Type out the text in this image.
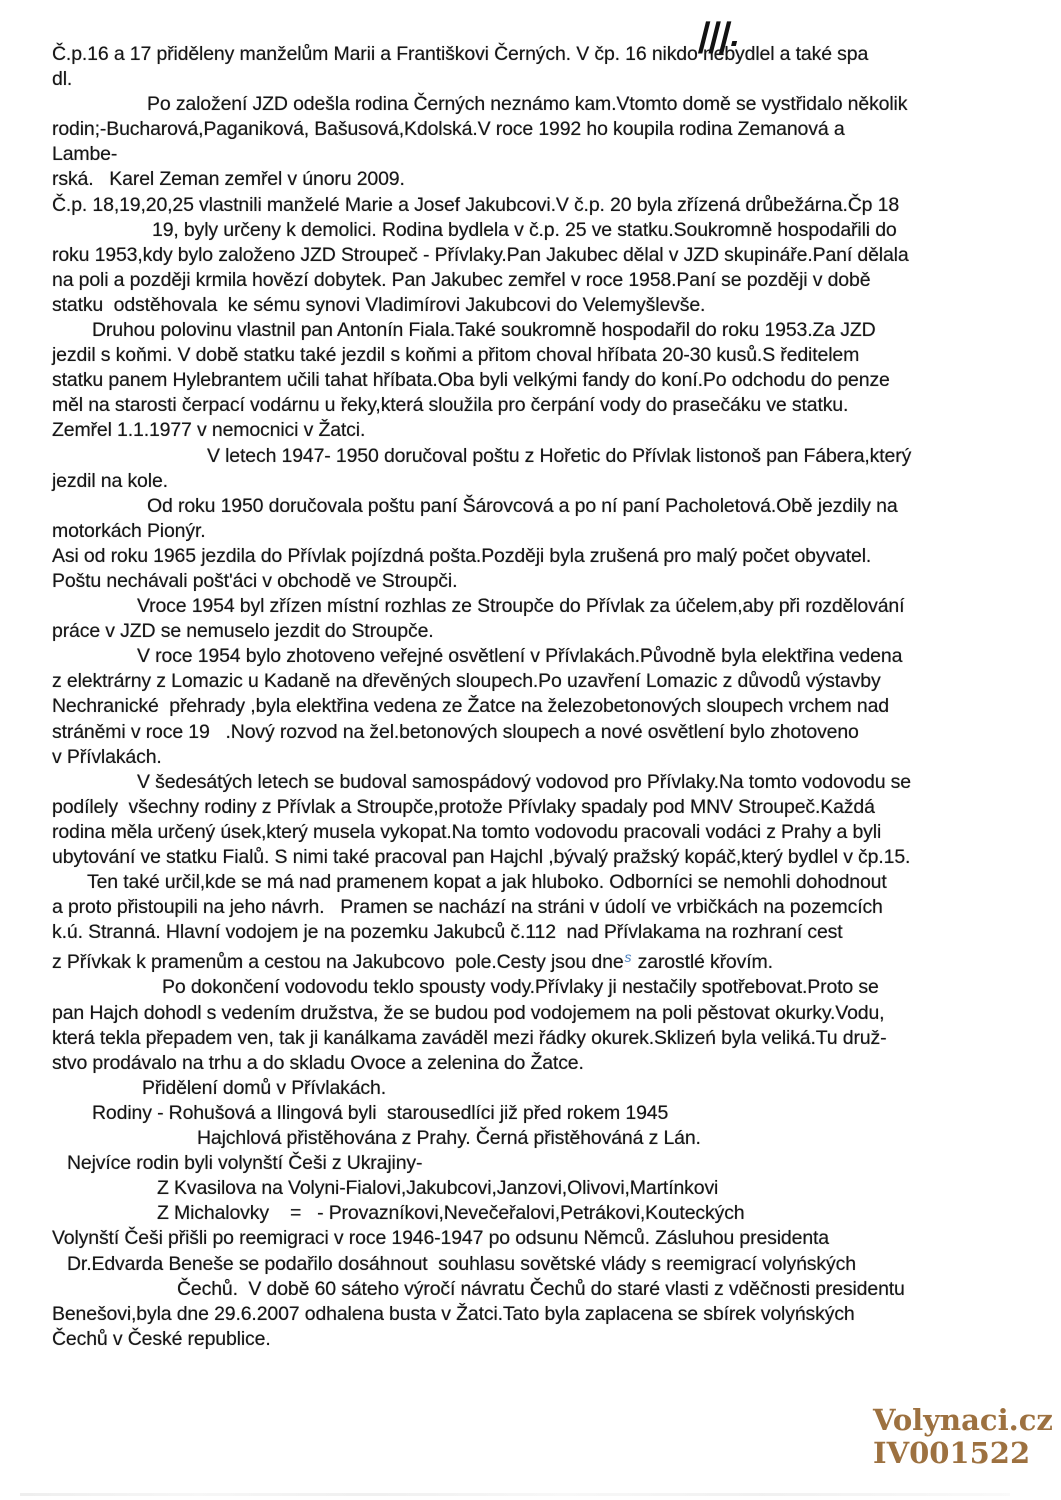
|||.
Č.p.16 a 17 přiděleny manželům Marii a Františkovi Černých. V čp. 16 nikdo nebydlel a také spa
dl.
Po založení JZD odešla rodina Černých neznámo kam.Vtomto domě se vystřidalo několik
rodin;-Bucharová,Paganiková, Bašusová,Kdolská.V roce 1992 ho koupila rodina Zemanová a
Lambe-
rská.   Karel Zeman zemřel v únoru 2009.
Č.p. 18,19,20,25 vlastnili manželé Marie a Josef Jakubcovi.V č.p. 20 byla zřízená drůbežárna.Čp 18
19, byly určeny k demolici. Rodina bydlela v č.p. 25 ve statku.Soukromně hospodařili do
roku 1953,kdy bylo založeno JZD Stroupeč - Přívlaky.Pan Jakubec dělal v JZD skupináře.Paní dělala
na poli a později krmila hovězí dobytek. Pan Jakubec zemřel v roce 1958.Paní se později v době
statku  odstěhovala  ke sému synovi Vladimírovi Jakubcovi do Velemyšlevše.
Druhou polovinu vlastnil pan Antonín Fiala.Také soukromně hospodařil do roku 1953.Za JZD
jezdil s koňmi. V době statku také jezdil s koňmi a přitom choval hříbata 20-30 kusů.S ředitelem
statku panem Hylebrantem učili tahat hříbata.Oba byli velkými fandy do koní.Po odchodu do penze
měl na starosti čerpací vodárnu u řeky,která sloužila pro čerpání vody do prasečáku ve statku.
Zemřel 1.1.1977 v nemocnici v Žatci.
V letech 1947- 1950 doručoval poštu z Hořetic do Přívlak listonoš pan Fábera,který
jezdil na kole.
Od roku 1950 doručovala poštu paní Šárovcová a po ní paní Pacholetová.Obě jezdily na
motorkách Pionýr.
Asi od roku 1965 jezdila do Přívlak pojízdná pošta.Později byla zrušená pro malý počet obyvatel.
Poštu nechávali pošt'áci v obchodě ve Stroupči.
Vroce 1954 byl zřízen místní rozhlas ze Stroupče do Přívlak za účelem,aby při rozdělování
práce v JZD se nemuselo jezdit do Stroupče.
V roce 1954 bylo zhotoveno veřejné osvětlení v Přívlakách.Původně byla elektřina vedena
z elektrárny z Lomazic u Kadaně na dřevěných sloupech.Po uzavření Lomazic z důvodů výstavby
Nechranické  přehrady ,byla elektřina vedena ze Žatce na železobetonových sloupech vrchem nad
stráněmi v roce 19   .Nový rozvod na žel.betonových sloupech a nové osvětlení bylo zhotoveno
v Přívlakách.
V šedesátých letech se budoval samospádový vodovod pro Přívlaky.Na tomto vodovodu se
podílely  všechny rodiny z Přívlak a Stroupče,protože Přívlaky spadaly pod MNV Stroupeč.Každá
rodina měla určený úsek,který musela vykopat.Na tomto vodovodu pracovali vodáci z Prahy a byli
ubytování ve statku Fialů. S nimi také pracoval pan Hajchl ,bývalý pražský kopáč,který bydlel v čp.15.
Ten také určil,kde se má nad pramenem kopat a jak hluboko. Odborníci se nemohli dohodnout
a proto přistoupili na jeho návrh.   Pramen se nachází na stráni v údolí ve vrbičkách na pozemcích
k.ú. Stranná. Hlavní vodojem je na pozemku Jakubců č.112  nad Přívlakama na rozhraní cest
z Přívkak k pramenům a cestou na Jakubcovo  pole.Cesty jsou dnes zarostlé křovím.
Po dokončení vodovodu teklo spousty vody.Přívlaky ji nestačily spotřebovat.Proto se
pan Hajch dohodl s vedením družstva, že se budou pod vodojemem na poli pěstovat okurky.Vodu,
která tekla přepadem ven, tak ji kanálkama zaváděl mezi řádky okurek.Sklizeń byla veliká.Tu druž-
stvo prodávalo na trhu a do skladu Ovoce a zelenina do Žatce.
Přidělení domů v Přívlakách.
Rodiny - Rohušová a Ilingová byli  starousedlíci již před rokem 1945
Hajchlová přistěhována z Prahy. Černá přistěhováná z Lán.
Nejvíce rodin byli volynští Češi z Ukrajiny-
Z Kvasilova na Volyni-Fialovi,Jakubcovi,Janzovi,Olivovi,Martínkovi
Z Michalovky    =   - Provazníkovi,Nevečeřalovi,Petrákovi,Kouteckých
Volynští Češi přišli po reemigraci v roce 1946-1947 po odsunu Němců. Zásluhou presidenta
Dr.Edvarda Beneše se podařilo dosáhnout  souhlasu sovětské vlády s reemigrací volyńských
Čechů.  V době 60 sáteho výročí návratu Čechů do staré vlasti z vděčnosti presidentu
Benešovi,byla dne 29.6.2007 odhalena busta v Žatci.Tato byla zaplacena se sbírek volyńských
Čechů v České republice.
Volynaci.cz
IV001522
